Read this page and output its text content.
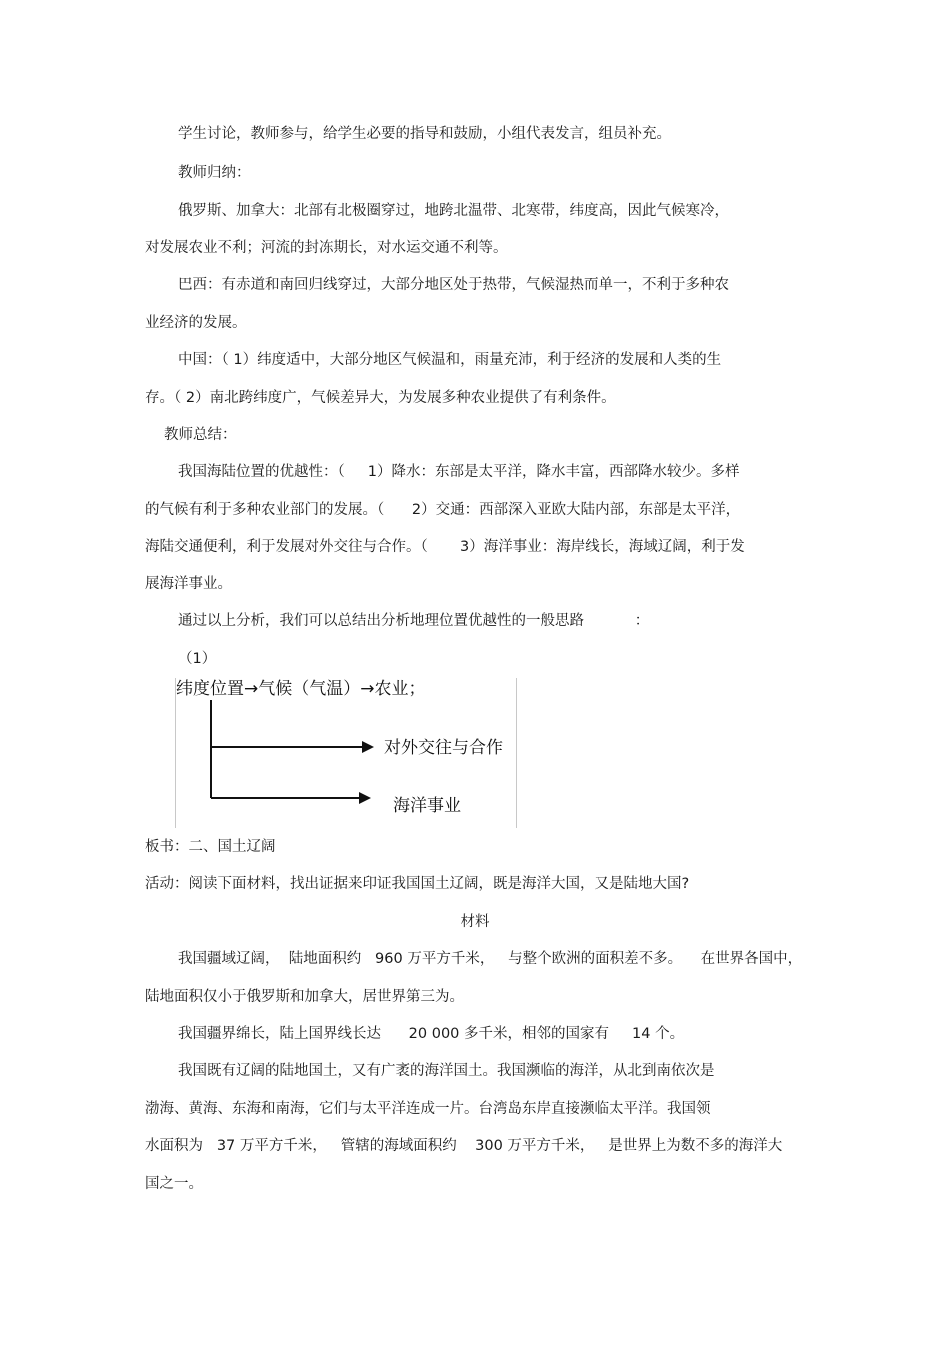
学生讨论，教师参与，给学生必要的指导和鼓励，小组代表发言，组员补充。

教师归纳：

俄罗斯、加拿大：北部有北极圈穿过，地跨北温带、北寒带，纬度高，因此气候寒冷，

对发展农业不利；河流的封冻期长，对水运交通不利等。

巴西：有赤道和南回归线穿过，大部分地区处于热带，气候湿热而单一，不利于多种农

业经济的发展。

中国：（ 1）纬度适中，大部分地区气候温和，雨量充沛，利于经济的发展和人类的生

存。（ 2）南北跨纬度广，气候差异大，为发展多种农业提供了有利条件。

教师总结：

我国海陆位置的优越性：（     1）降水：东部是太平洋，降水丰富，西部降水较少。多样

的气候有利于多种农业部门的发展。（      2）交通：西部深入亚欧大陆内部，东部是太平洋，

海陆交通便利，利于发展对外交往与合作。（       3）海洋事业：海岸线长，海域辽阔，利于发

展海洋事业。

通过以上分析，我们可以总结出分析地理位置优越性的一般思路           ：

（1）

纬度位置→气候（气温）→农业；
对外交往与合作
海洋事业

板书：二、国土辽阔

活动：阅读下面材料，找出证据来印证我国国土辽阔，既是海洋大国，又是陆地大国?

材料

我国疆域辽阔，  陆地面积约   960 万平方千米，   与整个欧洲的面积差不多。    在世界各国中，

陆地面积仅小于俄罗斯和加拿大，居世界第三为。

我国疆界绵长，陆上国界线长达      20 000 多千米，相邻的国家有     14 个。

我国既有辽阔的陆地国土，又有广袤的海洋国土。我国濒临的海洋，从北到南依次是

渤海、黄海、东海和南海，它们与太平洋连成一片。台湾岛东岸直接濒临太平洋。我国领

水面积为   37 万平方千米，   管辖的海域面积约    300 万平方千米，   是世界上为数不多的海洋大

国之一。
